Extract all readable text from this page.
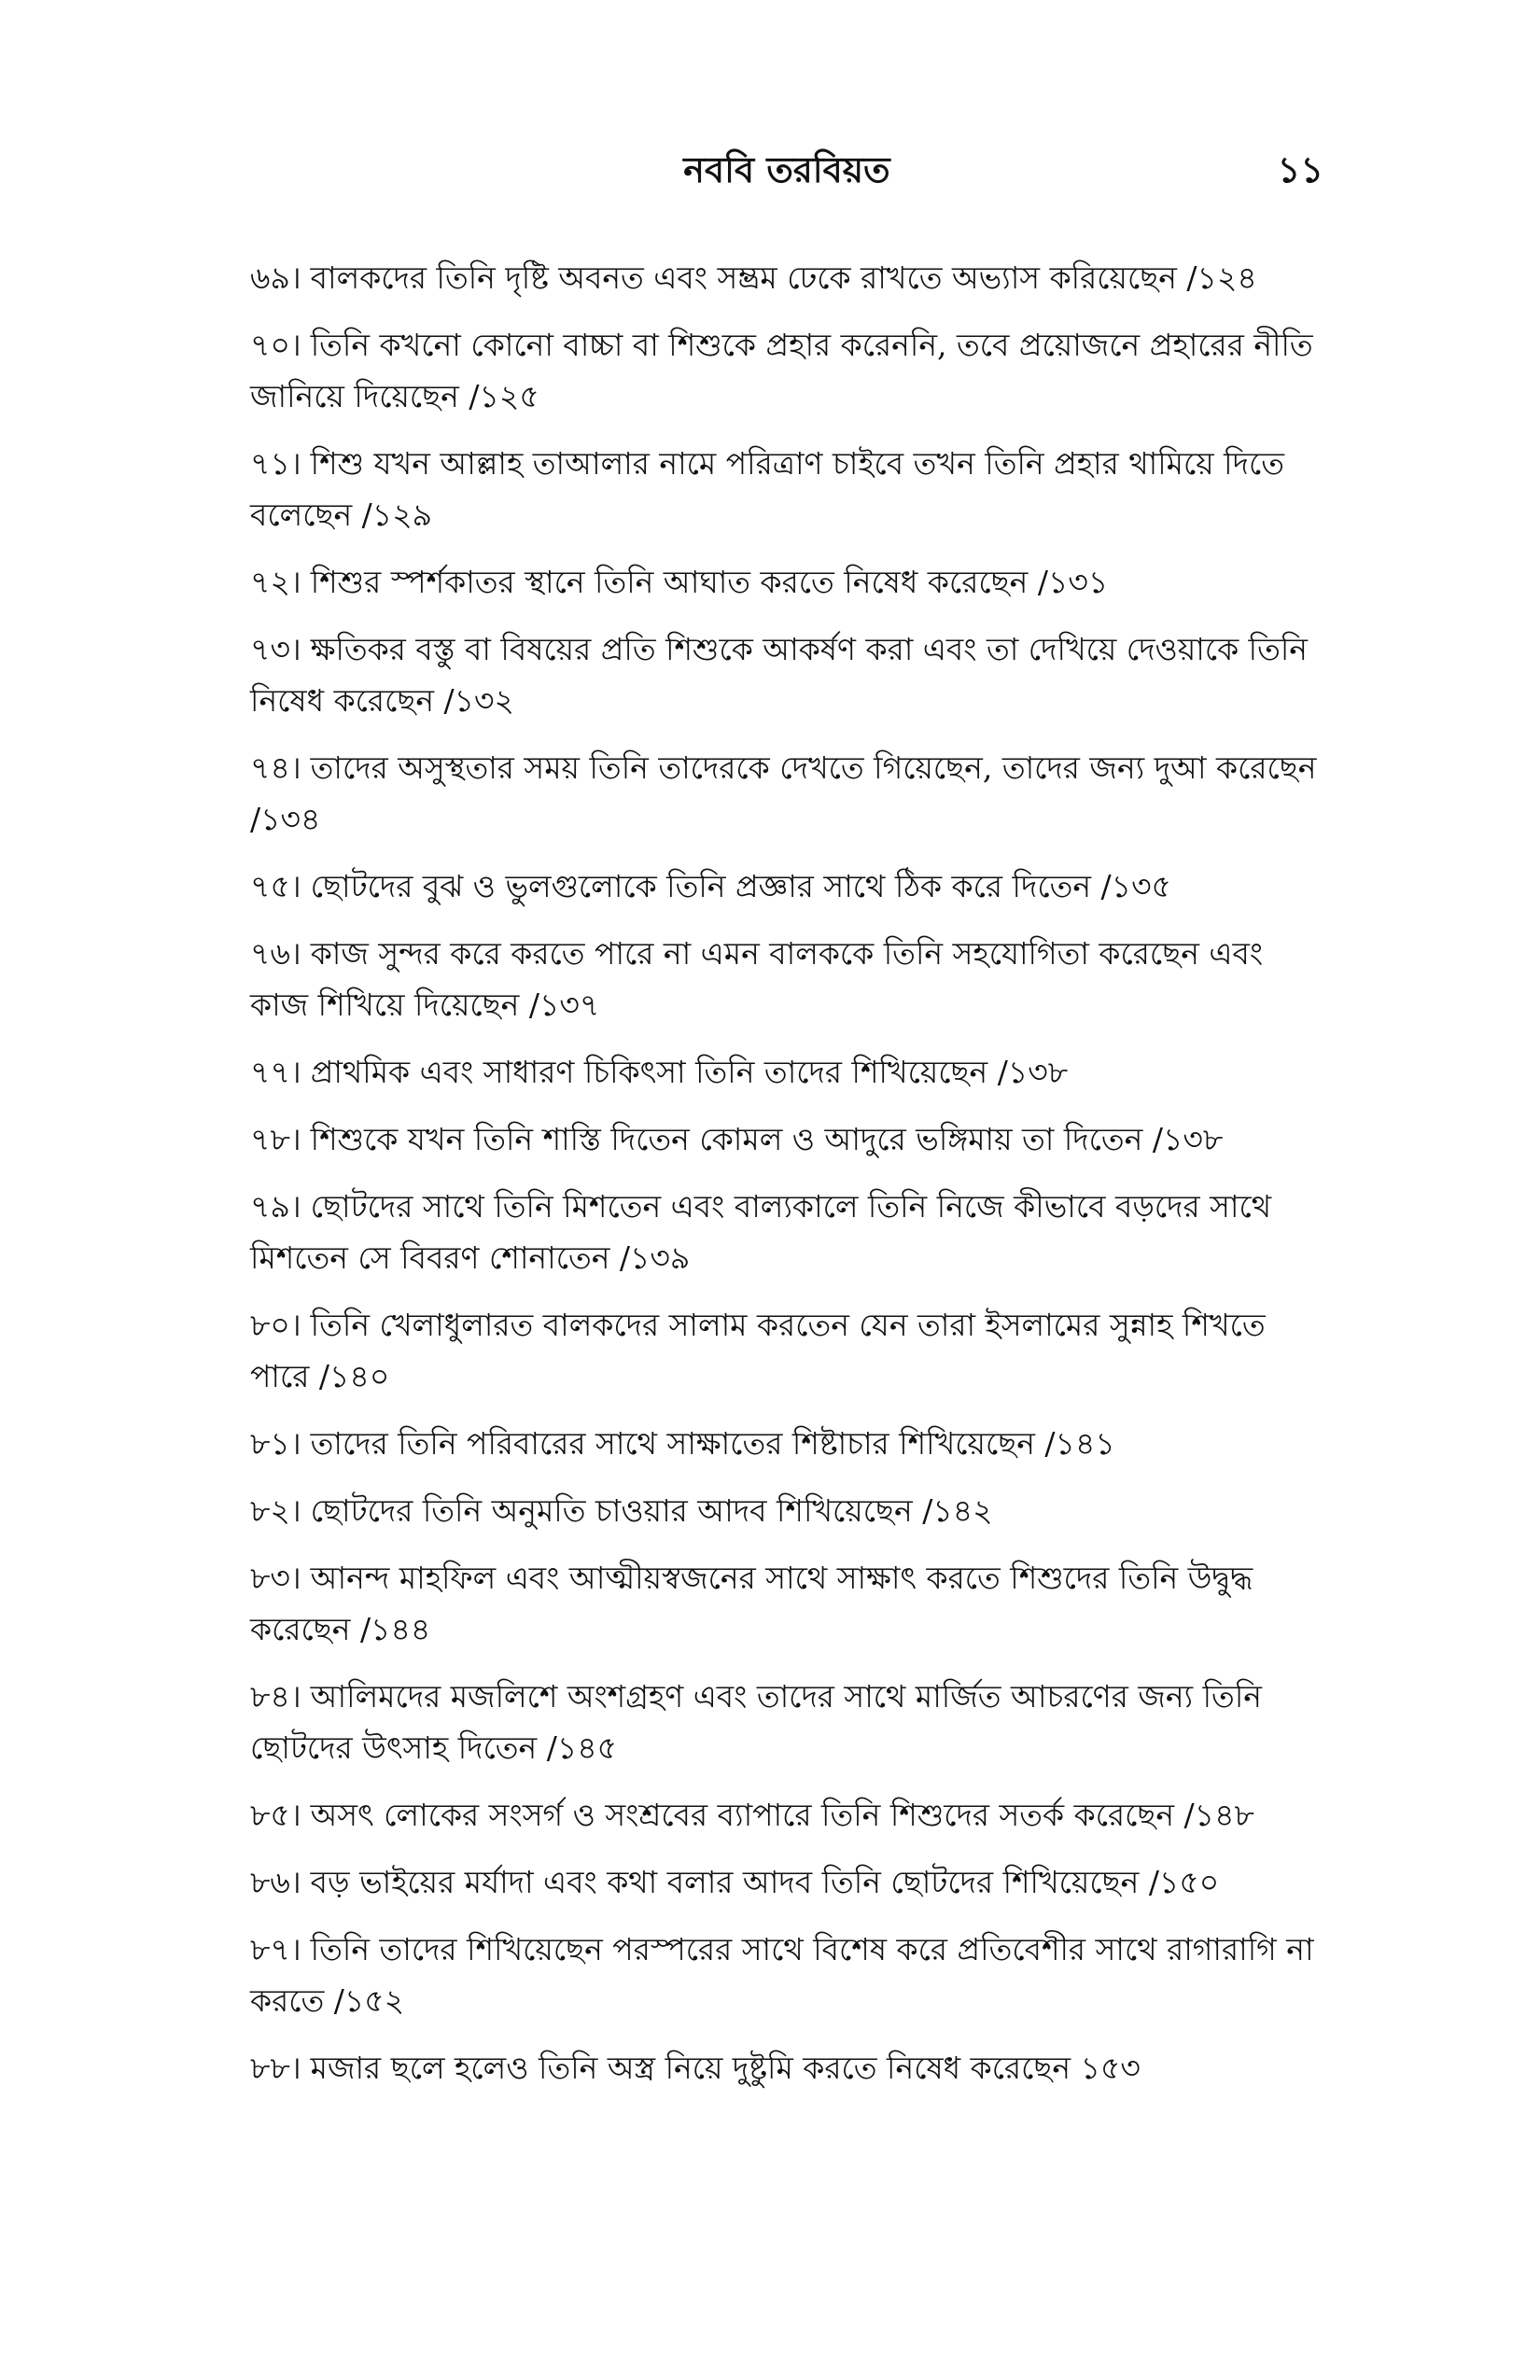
নববি তরবিয়ত	১১
৬৯। বালকদের তিনি দৃষ্টি অবনত এবং সম্ভ্রম ঢেকে রাখতে অভ্যাস করিয়েছেন /১২৪
৭০। তিনি কখনো কোনো বাচ্চা বা শিশুকে প্রহার করেননি, তবে প্রয়োজনে প্রহারের নীতি জানিয়ে দিয়েছেন /১২৫
৭১। শিশু যখন আল্লাহ তাআলার নামে পরিত্রাণ চাইবে তখন তিনি প্রহার থামিয়ে দিতে বলেছেন /১২৯
৭২। শিশুর স্পর্শকাতর স্থানে তিনি আঘাত করতে নিষেধ করেছেন /১৩১
৭৩। ক্ষতিকর বস্তু বা বিষয়ের প্রতি শিশুকে আকর্ষণ করা এবং তা দেখিয়ে দেওয়াকে তিনি নিষেধ করেছেন /১৩২
৭৪। তাদের অসুস্থতার সময় তিনি তাদেরকে দেখতে গিয়েছেন, তাদের জন্য দুআ করেছেন /১৩৪
৭৫। ছোটদের বুঝ ও ভুলগুলোকে তিনি প্রজ্ঞার সাথে ঠিক করে দিতেন /১৩৫
৭৬। কাজ সুন্দর করে করতে পারে না এমন বালককে তিনি সহযোগিতা করেছেন এবং কাজ শিখিয়ে দিয়েছেন /১৩৭
৭৭। প্রাথমিক এবং সাধারণ চিকিৎসা তিনি তাদের শিখিয়েছেন /১৩৮
৭৮। শিশুকে যখন তিনি শাস্তি দিতেন কোমল ও আদুরে ভঙ্গিমায় তা দিতেন /১৩৮
৭৯। ছোটদের সাথে তিনি মিশতেন এবং বাল্যকালে তিনি নিজে কীভাবে বড়দের সাথে মিশতেন সে বিবরণ শোনাতেন /১৩৯
৮০। তিনি খেলাধুলারত বালকদের সালাম করতেন যেন তারা ইসলামের সুন্নাহ শিখতে পারে /১৪০
৮১। তাদের তিনি পরিবারের সাথে সাক্ষাতের শিষ্টাচার শিখিয়েছেন /১৪১
৮২। ছোটদের তিনি অনুমতি চাওয়ার আদব শিখিয়েছেন /১৪২
৮৩। আনন্দ মাহফিল এবং আত্মীয়স্বজনের সাথে সাক্ষাৎ করতে শিশুদের তিনি উদ্বুদ্ধ করেছেন /১৪৪
৮৪। আলিমদের মজলিশে অংশগ্রহণ এবং তাদের সাথে মার্জিত আচরণের জন্য তিনি ছোটদের উৎসাহ দিতেন /১৪৫
৮৫। অসৎ লোকের সংসর্গ ও সংশ্রবের ব্যাপারে তিনি শিশুদের সতর্ক করেছেন /১৪৮
৮৬। বড় ভাইয়ের মর্যাদা এবং কথা বলার আদব তিনি ছোটদের শিখিয়েছেন /১৫০
৮৭। তিনি তাদের শিখিয়েছেন পরস্পরের সাথে বিশেষ করে প্রতিবেশীর সাথে রাগারাগি না করতে /১৫২
৮৮। মজার ছলে হলেও তিনি অস্ত্র নিয়ে দুষ্টুমি করতে নিষেধ করেছেন ১৫৩
